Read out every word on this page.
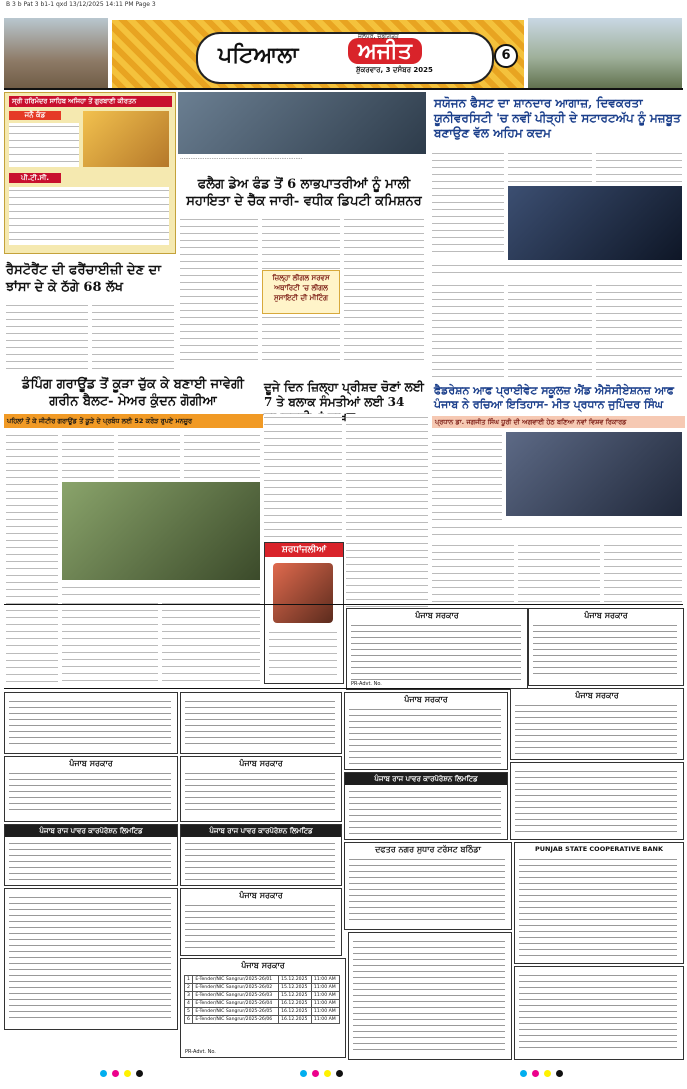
B 3 b Pat 3 b1-1 qxd 13/12/2025 14:11 PM Page 3
ਪਟਿਆਲਾ	ਅਜੀਤ
ਜਲੰਧਰ, ਚੰਡੀਗੜ੍ਹ
ਸ਼ੁੱਕਰਵਾਰ, 3 ਦਸੰਬਰ 2025
6
ਸ੍ਰੀ ਹਰਿਮੰਦਰ ਸਾਹਿਬ ਅਜਿਹਾ ਤੋਂ ਗੁਰਬਾਣੀ ਕੀਰਤਨ
ਜਨੈ ਕੰਡ
ਪੀ.ਟੀ.ਸੀ.
······································································
ਫਲੈਗ ਡੇਅ ਫੰਡ ਤੋਂ 6 ਲਾਭਪਾਤਰੀਆਂ ਨੂੰ ਮਾਲੀ ਸਹਾਇਤਾ ਦੇ ਚੈੱਕ ਜਾਰੀ- ਵਧੀਕ ਡਿਪਟੀ ਕਮਿਸ਼ਨਰ
ਜ਼ਿਲ੍ਹਾ ਲੀਗਲ ਸਰਵਸ ਅਥਾਰਿਟੀ 'ਚ ਲੀਗਲ ਸੁਸਾਇਟੀ ਦੀ ਮੀਟਿੰਗ
ਸਯੋਜਨ ਫੈਸਟ ਦਾ ਸ਼ਾਨਦਾਰ ਆਗਾਜ਼, ਦਿਵਕਰਤਾ ਯੂਨੀਵਰਸਿਟੀ 'ਚ ਨਵੀਂ ਪੀੜ੍ਹੀ ਦੇ ਸਟਾਰਟਅੱਪ ਨੂੰ ਮਜ਼ਬੂਤ ਬਣਾਉਣ ਵੱਲ ਅਹਿਮ ਕਦਮ
ਰੈਸਟੋਰੈਂਟ ਦੀ ਫਰੈਂਚਾਈਜ਼ੀ ਦੇਣ ਦਾ ਝਾਂਸਾ ਦੇ ਕੇ ਠੱਗੇ 68 ਲੱਖ
ਡੰਪਿੰਗ ਗਰਾਊਂਡ ਤੋਂ ਕੂੜਾ ਚੁੱਕ ਕੇ ਬਣਾਈ ਜਾਵੇਗੀ ਗਰੀਨ ਬੈਲਟ- ਮੇਅਰ ਕੁੰਦਨ ਗੋਗੀਆ
ਪਹਿਲਾਂ ਤੋਂ ਕੇ ਜੀਟੀਰ ਗਰਾਊਂਡ ਤੋਂ ਕੂੜੇ ਦੇ ਪ੍ਰਬੰਧ ਲਈ 52 ਕਰੋੜ ਰੁਪਏ ਮਨਜ਼ੂਰ
ਦੂਜੇ ਦਿਨ ਜ਼ਿਲ੍ਹਾ ਪ੍ਰੀਸ਼ਦ ਚੋਣਾਂ ਲਈ 7 ਤੇ ਬਲਾਕ ਸੰਮਤੀਆਂ ਲਈ 34
ਸ਼ਰਧਾਂਜਲੀਆਂ
ਫੈਡਰੇਸ਼ਨ ਆਫ ਪ੍ਰਾਈਵੇਟ ਸਕੂਲਜ਼ ਐਂਡ ਐਸੋਸੀਏਸ਼ਨਜ਼ ਆਫ ਪੰਜਾਬ ਨੇ ਰਚਿਆ ਇਤਿਹਾਸ- ਮੀਤ ਪ੍ਰਧਾਨ ਜੁਪਿੰਦਰ ਸਿੰਘ
ਪ੍ਰਧਾਨ ਡਾ. ਜਗਜੀਤ ਸਿੰਘ ਧੂਰੀ ਦੀ ਅਗਵਾਈ ਹੇਠ ਬਣਿਆ ਨਵਾਂ ਵਿਸ਼ਵ ਰਿਕਾਰਡ
ਪੰਜਾਬ ਸਰਕਾਰ
PR-Advt. No.
ਪੰਜਾਬ ਸਰਕਾਰ
ਪੰਜਾਬ ਸਰਕਾਰ	ਪੰਜਾਬ ਸਰਕਾਰ
ਪੰਜਾਬ ਸਰਕਾਰ	ਪੰਜਾਬ ਸਰਕਾਰ
ਪੰਜਾਬ ਰਾਜ ਪਾਵਰ ਕਾਰਪੋਰੇਸ਼ਨ ਲਿਮਟਿਡ
ਪੰਜਾਬ ਰਾਜ ਪਾਵਰ ਕਾਰਪੋਰੇਸ਼ਨ ਲਿਮਟਿਡ	ਪੰਜਾਬ ਰਾਜ ਪਾਵਰ ਕਾਰਪੋਰੇਸ਼ਨ ਲਿਮਟਿਡ
ਦਫਤਰ ਨਗਰ ਸੁਧਾਰ ਟਰੱਸਟ ਬਠਿੰਡਾ	PUNJAB STATE COOPERATIVE BANK
ਪੰਜਾਬ ਸਰਕਾਰ
ਪੰਜਾਬ ਸਰਕਾਰ
1	E-Tender/NIC Sangrur/2025-26/01	15.12.2025	11:00 AM
2	E-Tender/NIC Sangrur/2025-26/02	15.12.2025	11:00 AM
3	E-Tender/NIC Sangrur/2025-26/03	15.12.2025	11:00 AM
4	E-Tender/NIC Sangrur/2025-26/04	16.12.2025	11:00 AM
5	E-Tender/NIC Sangrur/2025-26/05	16.12.2025	11:00 AM
6	E-Tender/NIC Sangrur/2025-26/06	16.12.2025	11:00 AM
PR-Advt. No.
